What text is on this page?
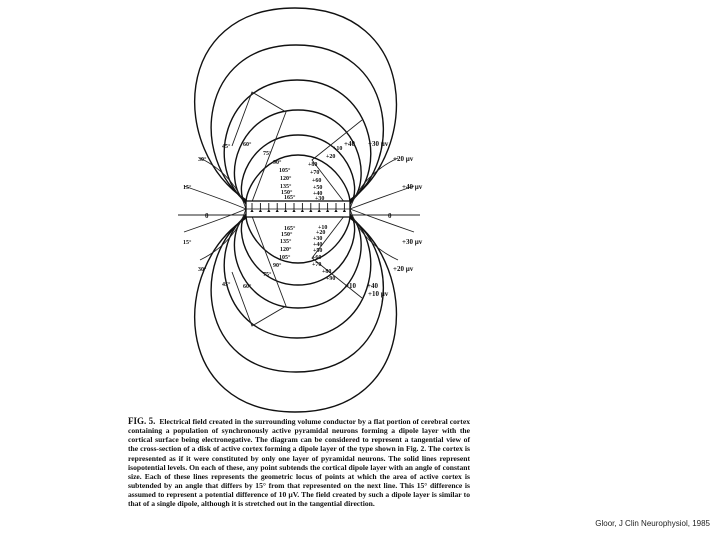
75°
90°
105°
120°
135°
150°
165°
165°
150°
135°
120°
105°
90°
75°
15°
30°
45° 60°
15°
30°
45° 60°
+80
+70
+60
+50
+40
+30
+20
+10
+10
+20
+30
+40
+50
+60
+70
+80
+90
+40 +30 µv
+20 µv
+40 µv
+10 +40
+10 µv
+20 µv
+30 µv
0	0
FIG. 5. Electrical field created in the surrounding volume conductor by a flat portion of cerebral cortex containing a population of synchronously active pyramidal neurons forming a dipole layer with the cortical surface being electronegative. The diagram can be considered to represent a tangential view of the cross-section of a disk of active cortex forming a dipole layer of the type shown in Fig. 2. The cortex is represented as if it were constituted by only one layer of pyramidal neurons. The solid lines represent isopotential levels. On each of these, any point subtends the cortical dipole layer with an angle of constant size. Each of these lines represents the geometric locus of points at which the area of active cortex is subtended by an angle that differs by 15° from that represented on the next line. This 15° difference is assumed to represent a potential difference of 10 µV. The field created by such a dipole layer is similar to that of a single dipole, although it is stretched out in the tangential direction.
Gloor, J Clin Neurophysiol, 1985
